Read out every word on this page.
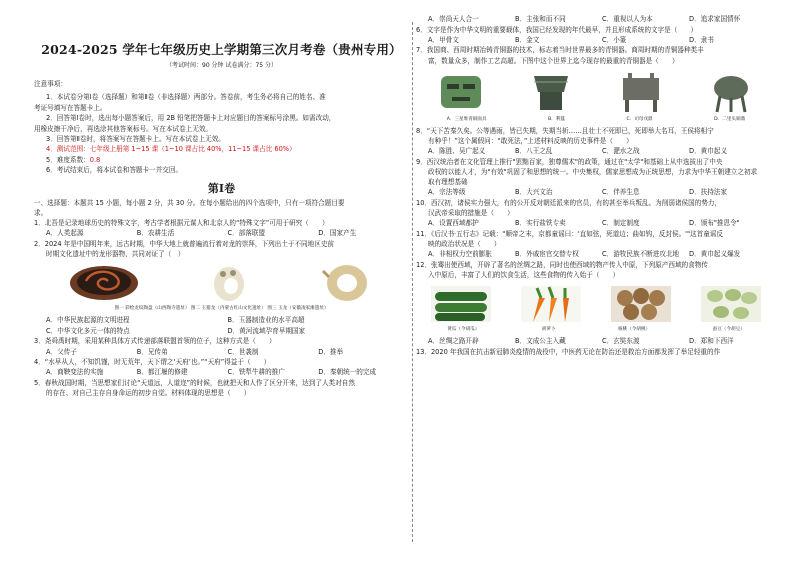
2024-2025 学年七年级历史上学期第三次月考卷（贵州专用）
（考试时间：90 分钟 试卷满分：75 分）
注意事项：
1．本试卷分第Ⅰ卷（选择题）和第Ⅱ卷（非选择题）两部分。答卷前，考生务必将自己的姓名、准
考证号填写在答题卡上。
2．回答第Ⅰ卷时，选出每小题答案后，用 2B 铅笔把答题卡上对应题目的答案标号涂黑。如需改动，
用橡皮擦干净后，再选涂其他答案标号。写在本试卷上无效。
3．回答第Ⅱ卷时，将答案写在答题卡上。写在本试卷上无效。
4．测试范围：七年级上册第 1~15 课（1~10 课占比 40%，11~15 课占比 60%）
5．难度系数：0.8
6．考试结束后，将本试卷和答题卡一并交回。
第Ⅰ卷

一、选择题：本题共 15 小题，每小题 2 分，共 30 分。在每小题给出的四个选项中，只有一项符合题目要

求。

1．北吾是记录地球历史的特殊文字，考古学者根据元谋人和北京人的“特殊文字”可用于研究（　　）

A．人类起源	B．农耕生活	C．部落联盟	D．国家产生

2．2024 年是中国明年来，远古时期，中华大地上就普遍流行着对龙的崇拜，下列出土于不同地区史前

时期文化遗址中的龙形器物，共同对证了（　）

图一 彩绘龙纹陶盘（山西陶寺遗址） 图二 玉猪龙（内蒙古红山文化遗址） 图三 玉龙（安徽凌家滩遗址）
A．中华民族起源的文明进程	B．玉器制造业的水平高超
C．中华文化多元一体的特点	D．黄河流域孕育早期国家

3．尧舜禹时期，采用某种具体方式传递部落联盟首领的位子，这种方式是（　　）

A．父传子	B．兄传弟	C．世袭制	D．推举

4．“水早从人，不知饥馑，时无荒年，天下谓之‘天府’也。”“天府”得益于（　　）

A．商鞅变法的实施	B．都江堰的修建	C．铁犁牛耕的推广	D．秦朝统一的完成

5．春秋战国时期，当思想家们讨论“天道远，人道迩”的时候，也就把天和人作了区分开来，达到了人类对自然

的存在、对自己主存自身命运的初步自觉。材料体现的思想是（　　）

A．崇尚天人合一	B．主张和而不同	C．重视以人为本	D．追求家国情怀

6．文字是作为中华文明的重要载体，我国已经发现的年代最早，并且形成系统的文字是（　　）

A．甲骨文	B．金文	C．小篆	D．隶书

7．我国商、西周时期冶铸青铜器的技术，标志着当时世界最多的青铜器。商周时期的青铜器种类丰

富，数量众多，制作工艺高超。下图中这个世界上迄今现存的最重的青铜器是（　　）

A．三星堆青铜面具	B．利簋	C．司母戊鼎	D．二里头铜鼎

8．“天下苦秦久矣。公等遇雨，皆已失期，失期当斩……且壮士不死即已，死即举大名耳，王侯将相宁

有种乎！”这个属假问：“敢死法，”上述材料反映的历史事件是（　　）

A．陈胜、吴广起义	B．八王之乱	C．淝水之战	D．黄巾起义

9．西汉统治者在文化管理上推行"罢黜百家，独尊儒术"的政策，通过在"太学"和基础上从中选拔出了中央

政权的以能人才，为"有效"巩固了和思想的统一。中央集权，儒家思想成为正统思想，力求为中华王朝建立之初求

取有理想基础

A．宗法等级	B．大兴文治	C．伴养生息	D．扶持法家

10．西汉初，诸侯实力强大，有的公开反对朝廷派来的官员，有的甚至举兵叛乱。为削弱诸侯国的势力，

汉武帝采取的措施是（　　）

A．设置西域都护	B．实行盐铁专卖	C．制定制度	D．颁布"推恩令"

11．《后汉书·五行志》记载："顺帝之末，京都童谣曰：'直如弦，死道边；曲如钩，反封侯。'"这首童谣反

映的政治状况是（　　）

A．非相权力空前膨胀	B．外戚宦官交替专权	C．游牧民族不断进攻北地	D．黄巾起义爆发

12．张骞出使西域，开辟了著名的丝绸之路，同时也使西域的物产传入中原，下列原产西域的食物传

入中原后，丰富了人们的饮食生活，这些食物的传入始于（　　）

黄瓜（今胡瓜）	胡萝卜	核桃（今胡桃）	蚕豆（今胡豆）
A．丝绸之路开辟	B．文成公主入藏	C．玄奘东渡	D．郑和下西洋

13．2020 年我国在抗击新冠肺炎疫情的战役中，中医药无论在防治还是救治方面都发挥了举足轻重的作
